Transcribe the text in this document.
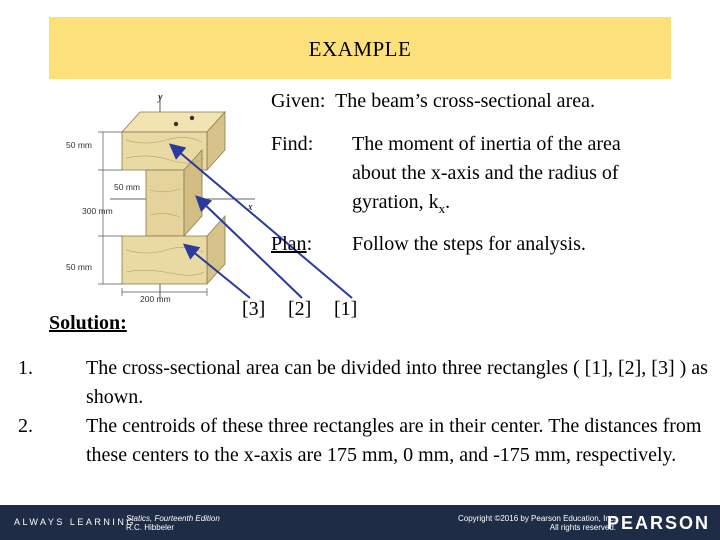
EXAMPLE
y
x
50 mm
50 mm
300 mm
50 mm
200 mm
Given: The beam’s cross-sectional area.
Find: The moment of inertia of the area
about the x-axis and the radius of
gyration, $k_x$.
Plan: Follow the steps for analysis.
Solution:
[3] [2] [1]
1.	The cross-sectional area can be divided into three rectangles ( [1], [2], [3] ) as shown.
2.	The centroids of these three rectangles are in their center. The distances from these centers to the x-axis are 175 mm, 0 mm, and -175 mm, respectively.
ALWAYS LEARNING
Statics, Fourteenth Edition
R.C. Hibbeler
Copyright ©2016 by Pearson Education, Inc.
All rights reserved.
PEARSON
